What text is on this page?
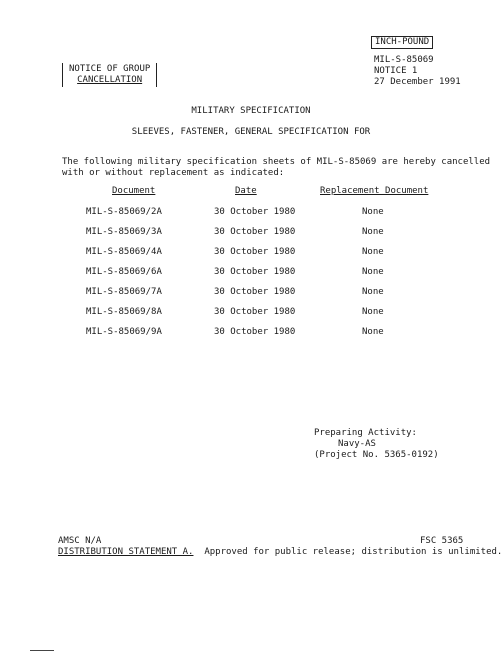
INCH-POUND
MIL-S-85069
NOTICE 1
27 December 1991
NOTICE OF GROUP
CANCELLATION
MILITARY SPECIFICATION
SLEEVES, FASTENER, GENERAL SPECIFICATION FOR
The following military specification sheets of MIL-S-85069 are hereby cancelled
with or without replacement as indicated:
Document	Date	Replacement Document
MIL-S-85069/2A	30 October 1980	None
MIL-S-85069/3A	30 October 1980	None
MIL-S-85069/4A	30 October 1980	None
MIL-S-85069/6A	30 October 1980	None
MIL-S-85069/7A	30 October 1980	None
MIL-S-85069/8A	30 October 1980	None
MIL-S-85069/9A	30 October 1980	None
Preparing Activity:
Navy-AS
(Project No. 5365-0192)
AMSC N/A	FSC 5365
DISTRIBUTION STATEMENT A. Approved for public release; distribution is unlimited.
